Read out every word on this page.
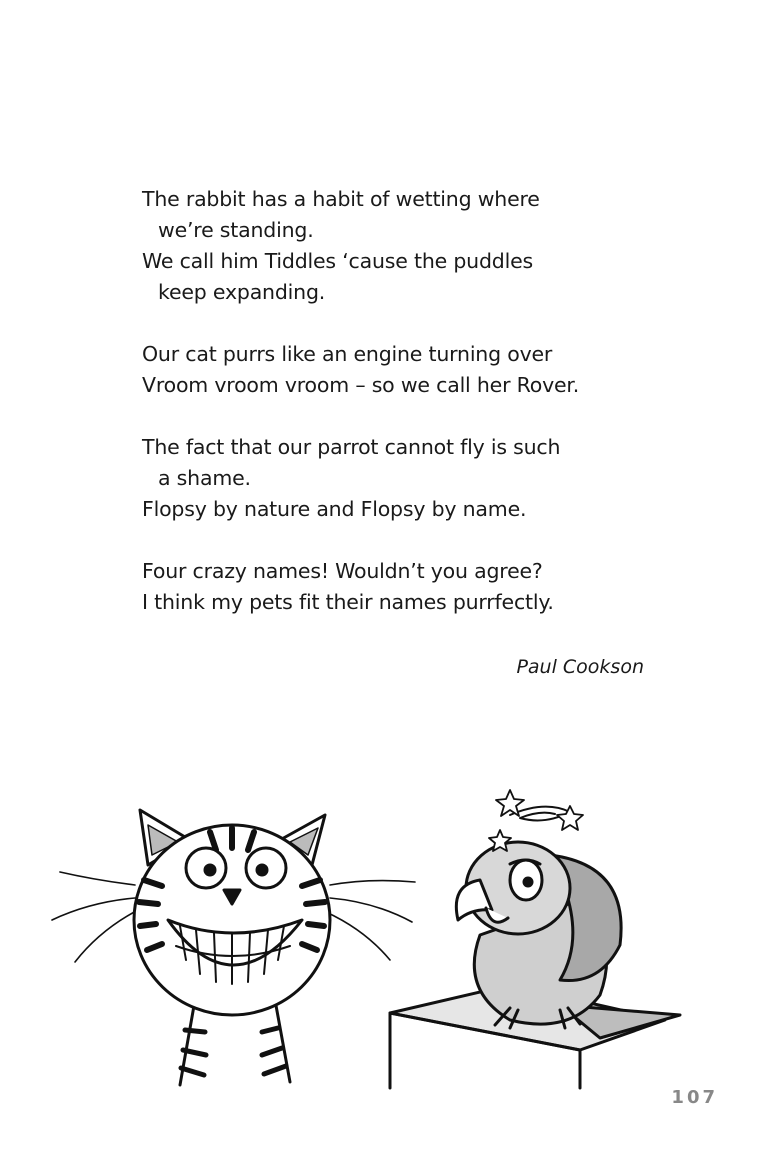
The rabbit has a habit of wetting where
we’re standing.
We call him Tiddles ‘cause the puddles
keep expanding.
Our cat purrs like an engine turning over
Vroom vroom vroom – so we call her Rover.
The fact that our parrot cannot fly is such
a shame.
Flopsy by nature and Flopsy by name.
Four crazy names! Wouldn’t you agree?
I think my pets fit their names purrfectly.
Paul Cookson
107
